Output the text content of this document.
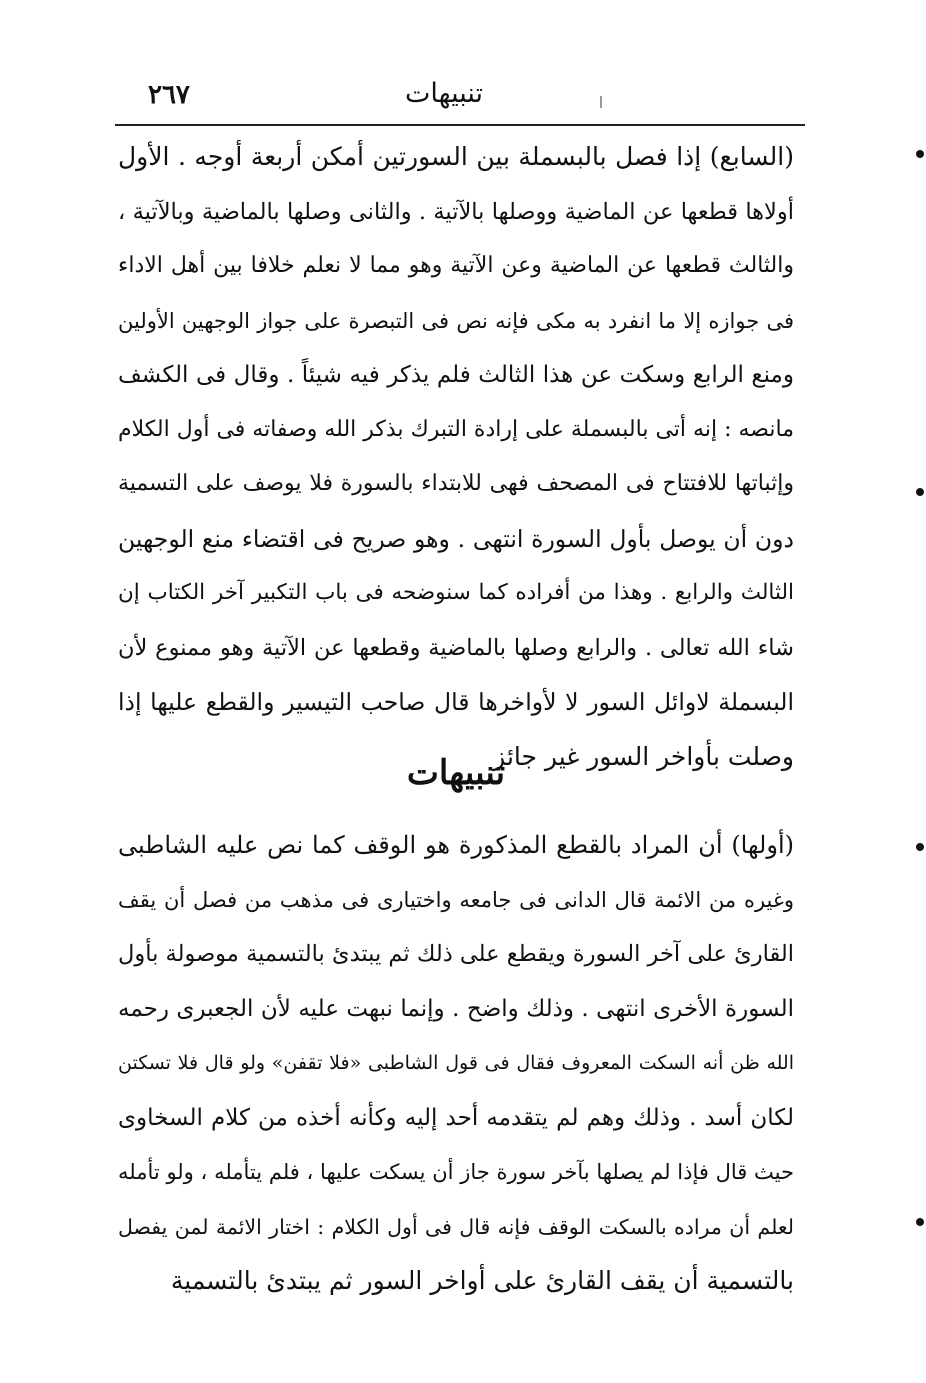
٢٦٧	تنبيهات
(السابع) إذا فصل بالبسملة بين السورتين أمكن أربعة أوجه . الأول
أولاها قطعها عن الماضية ووصلها بالآتية . والثانى وصلها بالماضية وبالآتية ،
والثالث قطعها عن الماضية وعن الآتية وهو مما لا نعلم خلافا بين أهل الاداء
فى جوازه إلا ما انفرد به مكى فإنه نص فى التبصرة على جواز الوجهين الأولين
ومنع الرابع وسكت عن هذا الثالث فلم يذكر فيه شيئاً . وقال فى الكشف
مانصه : إنه أتى بالبسملة على إرادة التبرك بذكر الله وصفاته فى أول الكلام
وإثباتها للافتتاح فى المصحف فهى للابتداء بالسورة فلا يوصف على التسمية
دون أن يوصل بأول السورة انتهى . وهو صريح فى اقتضاء منع الوجهين
الثالث والرابع . وهذا من أفراده كما سنوضحه فى باب التكبير آخر الكتاب إن
شاء الله تعالى . والرابع وصلها بالماضية وقطعها عن الآتية وهو ممنوع لأن
البسملة لاوائل السور لا لأواخرها قال صاحب التيسير والقطع عليها إذا
وصلت بأواخر السور غير جائز
تنبيهات
(أولها) أن المراد بالقطع المذكورة هو الوقف كما نص عليه الشاطبى
وغيره من الائمة قال الدانى فى جامعه واختيارى فى مذهب من فصل أن يقف
القارئ على آخر السورة ويقطع على ذلك ثم يبتدئ بالتسمية موصولة بأول
السورة الأخرى انتهى . وذلك واضح . وإنما نبهت عليه لأن الجعبرى رحمه
الله ظن أنه السكت المعروف فقال فى قول الشاطبى «فلا تقفن» ولو قال فلا تسكتن
لكان أسد . وذلك وهم لم يتقدمه أحد إليه وكأنه أخذه من كلام السخاوى
حيث قال فإذا لم يصلها بآخر سورة جاز أن يسكت عليها ، فلم يتأمله ، ولو تأمله
لعلم أن مراده بالسكت الوقف فإنه قال فى أول الكلام : اختار الائمة لمن يفصل
بالتسمية أن يقف القارئ على أواخر السور ثم يبتدئ بالتسمية
